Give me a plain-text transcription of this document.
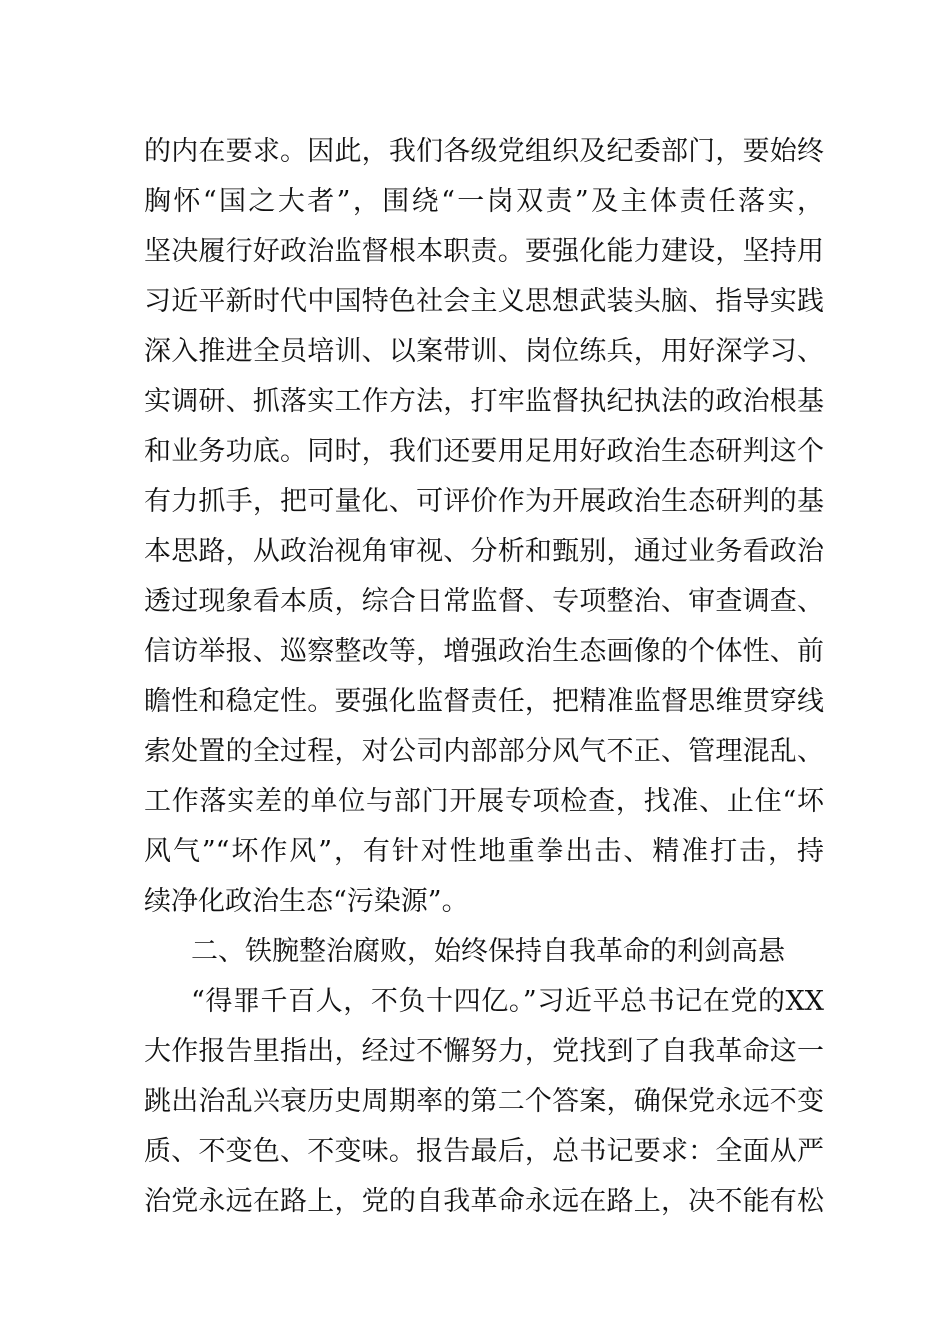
的内在要求。因此，我们各级党组织及纪委部门，要始终
胸怀“国之大者”，围绕“一岗双责”及主体责任落实，
坚决履行好政治监督根本职责。要强化能力建设，坚持用
习近平新时代中国特色社会主义思想武装头脑、指导实践
深入推进全员培训、以案带训、岗位练兵，用好深学习、
实调研、抓落实工作方法，打牢监督执纪执法的政治根基
和业务功底。同时，我们还要用足用好政治生态研判这个
有力抓手，把可量化、可评价作为开展政治生态研判的基
本思路，从政治视角审视、分析和甄别，通过业务看政治
透过现象看本质，综合日常监督、专项整治、审查调查、
信访举报、巡察整改等，增强政治生态画像的个体性、前
瞻性和稳定性。要强化监督责任，把精准监督思维贯穿线
索处置的全过程，对公司内部部分风气不正、管理混乱、
工作落实差的单位与部门开展专项检查，找准、止住“坏
风气”“坏作风”，有针对性地重拳出击、精准打击，持
续净化政治生态“污染源”。
二、铁腕整治腐败，始终保持自我革命的利剑高悬
“得罪千百人，不负十四亿。”习近平总书记在党的XX
大作报告里指出，经过不懈努力，党找到了自我革命这一
跳出治乱兴衰历史周期率的第二个答案，确保党永远不变
质、不变色、不变味。报告最后，总书记要求：全面从严
治党永远在路上，党的自我革命永远在路上，决不能有松
